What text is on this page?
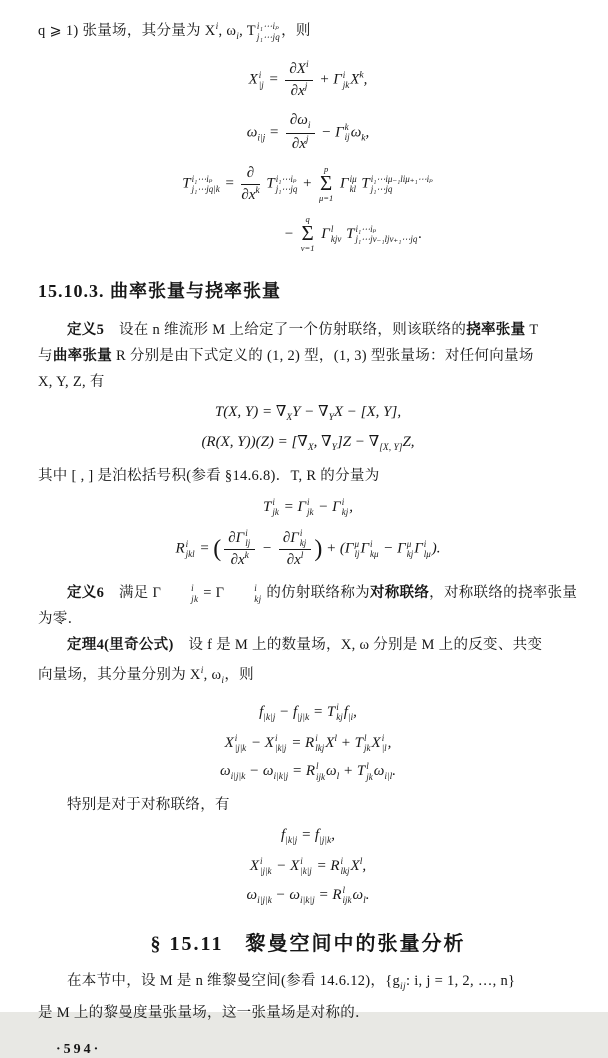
q ⩾ 1) 张量场，其分量为 $X^i$, $\omega_i$, T i₁⋯iₚ
j₁⋯jq ，则
X i
$|j = \frac{\partial X^i}{\partial x^j} + \Gamma$ i
jk $X^k$,
$\omega_{i|j} = \frac{\partial\omega_i}{\partial x^j} - \Gamma$ k
ij $\omega_k$,
T i₁⋯iₚ
j₁⋯jq|k = $\frac{\partial}{\partial x^k}$ T i₁⋯iₚ
j₁⋯jq +
p
Σ
μ=1
Γ iμ
kl T i₁⋯iμ₋₁liμ₊₁⋯iₚ
j₁⋯jq
−
q
Σ
ν=1
Γ l
kjν T i₁⋯iₚ
j₁⋯jν₋₁ljν₊₁⋯jq .
15.10.3. 曲率张量与挠率张量
定义5　设在 n 维流形 M 上给定了一个仿射联络，则该联络的挠率张量 T
与曲率张量 R 分别是由下式定义的 (1, 2) 型，(1, 3) 型张量场：对任何向量场
X, Y, Z, 有
T(X, $Y) = \nabla_XY - \nabla_YX - [X$, Y],
(R(X, $Y))(Z) = [\nabla_X$, $\nabla_Y]Z - \nabla_{[X, Y]}Z$,
其中 [ , ] 是泊松括号积(参看 §14.6.8)．T, R 的分量为
T i
jk = Γ i
jk − Γ i
kj ,
R i
jkl = ( ∂Γ i
lj
$\partial x^k - \partial\Gamma$ i
kj
$\partial x^l$ ) + (Γ μ
lj Γ i
kμ − Γ μ
kj Γ i
lμ ).
定义6　满足 Γ	i
jk = Γ	i
kj 的仿射联络称为对称联络，对称联络的挠率张量
为零．
定理4(里奇公式)　设 f 是 M 上的数量场，X, ω 分别是 M 上的反变、共变
向量场，其分量分别为 $X^i$, $\omega_i$，则
$f_{|k|j} - f_{|j|k} = T$ i
kj $f_{|i}$,
X i
|j|k − X i
|k|j = R i
lkj $X^l + T$ l
jk X i
|l ,
$\omega_{i|j|k} - \omega_{i|k|j} = R$ l
ijk $\omega_l + T$ l
jk $\omega_{i|l}$.
特别是对于对称联络，有
$f_{|k|j} = f_{|j|k}$,
X i
|j|k − X i
|k|j = R i
lkj $X^l$,
$\omega_{i|j|k} - \omega_{i|k|j} = R$ l
ijk $\omega_l$.
§ 15.11　黎曼空间中的张量分析
在本节中，设 M 是 n 维黎曼空间(参看 14.6.12)，{$g_{ij}$: i, j = 1, 2, …, n}
是 M 上的黎曼度量张量场，这一张量场是对称的．
·594·
